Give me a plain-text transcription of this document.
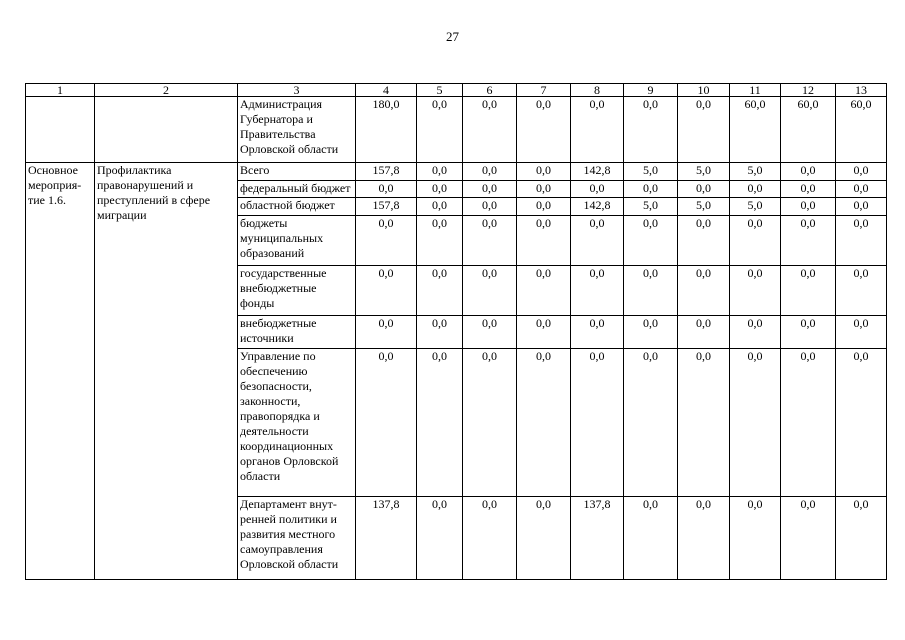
27
1	2	3	4	5	6	7	8	9	10	11	12	13
		Администрация Губернатора и Правительства Орловской области	180,0	0,0	0,0	0,0	0,0	0,0	0,0	60,0	60,0	60,0
Основное мероприя-тие 1.6.	Профилактика правонарушений и преступлений в сфере миграции	Всего	157,8	0,0	0,0	0,0	142,8	5,0	5,0	5,0	0,0	0,0
		федеральный бюджет	0,0	0,0	0,0	0,0	0,0	0,0	0,0	0,0	0,0	0,0
		областной бюджет	157,8	0,0	0,0	0,0	142,8	5,0	5,0	5,0	0,0	0,0
		бюджеты муниципальных образований	0,0	0,0	0,0	0,0	0,0	0,0	0,0	0,0	0,0	0,0
		государственные внебюджетные фонды	0,0	0,0	0,0	0,0	0,0	0,0	0,0	0,0	0,0	0,0
		внебюджетные источники	0,0	0,0	0,0	0,0	0,0	0,0	0,0	0,0	0,0	0,0
		Управление по обеспечению безопасности, законности, правопорядка и деятельности координационных органов Орловской области	0,0	0,0	0,0	0,0	0,0	0,0	0,0	0,0	0,0	0,0
		Департамент внут-ренней политики и развития местного самоуправления Орловской области	137,8	0,0	0,0	0,0	137,8	0,0	0,0	0,0	0,0	0,0
